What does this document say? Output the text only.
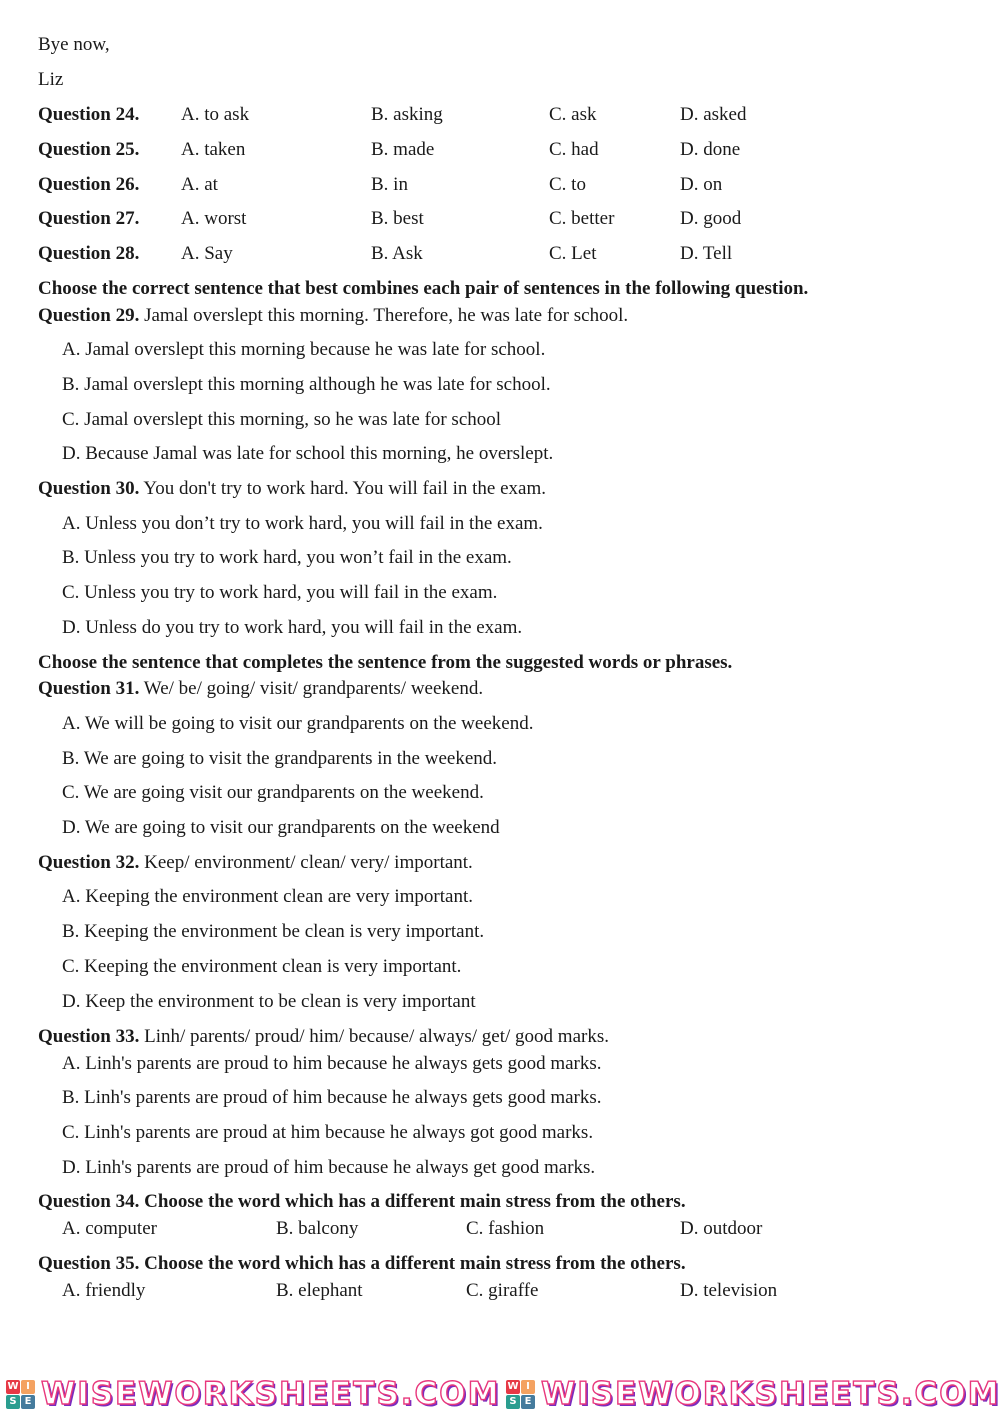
Bye now,
Liz
Question 24. A. to ask	B. asking	C. ask	D. asked
Question 25. A. taken	B. made	C. had	D. done
Question 26. A. at	B. in	C. to	D. on
Question 27. A. worst	B. best	C. better	D. good
Question 28. A. Say	B. Ask	C. Let	D. Tell
Choose the correct sentence that best combines each pair of sentences in the following question.
Question 29. Jamal overslept this morning. Therefore, he was late for school.
A. Jamal overslept this morning because he was late for school.
B. Jamal overslept this morning although he was late for school.
C. Jamal overslept this morning, so he was late for school
D. Because Jamal was late for school this morning, he overslept.
Question 30. You don't try to work hard. You will fail in the exam.
A. Unless you don’t try to work hard, you will fail in the exam.
B. Unless you try to work hard, you won’t fail in the exam.
C. Unless you try to work hard, you will fail in the exam.
D. Unless do you try to work hard, you will fail in the exam.
Choose the sentence that completes the sentence from the suggested words or phrases.
Question 31. We/ be/ going/ visit/ grandparents/ weekend.
A. We will be going to visit our grandparents on the weekend.
B. We are going to visit the grandparents in the weekend.
C. We are going visit our grandparents on the weekend.
D. We are going to visit our grandparents on the weekend
Question 32. Keep/ environment/ clean/ very/ important.
A. Keeping the environment clean are very important.
B. Keeping the environment be clean is very important.
C. Keeping the environment clean is very important.
D. Keep the environment to be clean is very important
Question 33. Linh/ parents/ proud/ him/ because/ always/ get/ good marks.
A. Linh's parents are proud to him because he always gets good marks.
B. Linh's parents are proud of him because he always gets good marks.
C. Linh's parents are proud at him because he always got good marks.
D. Linh's parents are proud of him because he always get good marks.
Question 34. Choose the word which has a different main stress from the others.
A. computer	B. balcony	C. fashion	D. outdoor
Question 35. Choose the word which has a different main stress from the others.
A. friendly	B. elephant	C. giraffe	D. television
W I
S E WISEWORKSHEETS.COM W I
S E WISEWORKSHEETS.COM
